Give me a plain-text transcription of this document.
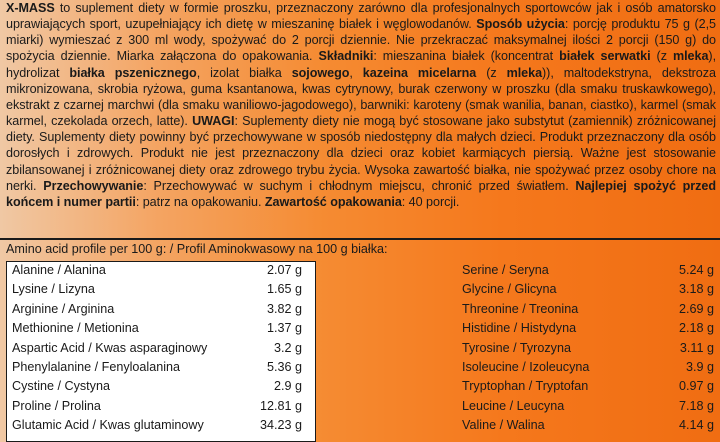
X-MASS to suplement diety w formie proszku, przeznaczony zarówno dla profesjonalnych sportowców jak i osób amatorsko uprawiających sport, uzupełniający ich dietę w mieszaninę białek i węglowodanów. Sposób użycia: porcję produktu 75 g (2,5 miarki) wymieszać z 300 ml wody, spożywać do 2 porcji dziennie. Nie przekraczać maksymalnej ilości 2 porcji (150 g) do spożycia dziennie. Miarka załączona do opakowania. Składniki: mieszanina białek (koncentrat białek serwatki (z mleka), hydrolizat białka pszenicznego, izolat białka sojowego, kazeina micelarna (z mleka)), maltodekstryna, dekstroza mikronizowana, skrobia ryżowa, guma ksantanowa, kwas cytrynowy, burak czerwony w proszku (dla smaku truskawkowego), ekstrakt z czarnej marchwi (dla smaku waniliowo-jagodowego), barwniki: karoteny (smak wanilia, banan, ciastko), karmel (smak karmel, czekolada orzech, latte). UWAGI: Suplementy diety nie mogą być stosowane jako substytut (zamiennik) zróżnicowanej diety. Suplementy diety powinny być przechowywane w sposób niedostępny dla małych dzieci. Produkt przeznaczony dla osób dorosłych i zdrowych. Produkt nie jest przeznaczony dla dzieci oraz kobiet karmiących piersią. Ważne jest stosowanie zbilansowanej i zróżnicowanej diety oraz zdrowego trybu życia. Wysoka zawartość białka, nie spożywać przez osoby chore na nerki. Przechowywanie: Przechowywać w suchym i chłodnym miejscu, chronić przed światłem. Najlepiej spożyć przed końcem i numer partii: patrz na opakowaniu. Zawartość opakowania: 40 porcji.
Amino acid profile per 100 g: / Profil Aminokwasowy na 100 g białka:
Alanine / Alanina	2.07 g
Lysine / Lizyna	1.65 g
Arginine / Arginina	3.82 g
Methionine / Metionina	1.37 g
Aspartic Acid / Kwas asparaginowy	3.2 g
Phenylalanine / Fenyloalanina	5.36 g
Cystine / Cystyna	2.9 g
Proline / Prolina	12.81 g
Glutamic Acid / Kwas glutaminowy	34.23 g
Serine / Seryna	5.24 g
Glycine / Glicyna	3.18 g
Threonine / Treonina	2.69 g
Histidine / Histydyna	2.18 g
Tyrosine / Tyrozyna	3.11 g
Isoleucine / Izoleucyna	3.9 g
Tryptophan / Tryptofan	0.97 g
Leucine / Leucyna	7.18 g
Valine / Walina	4.14 g
